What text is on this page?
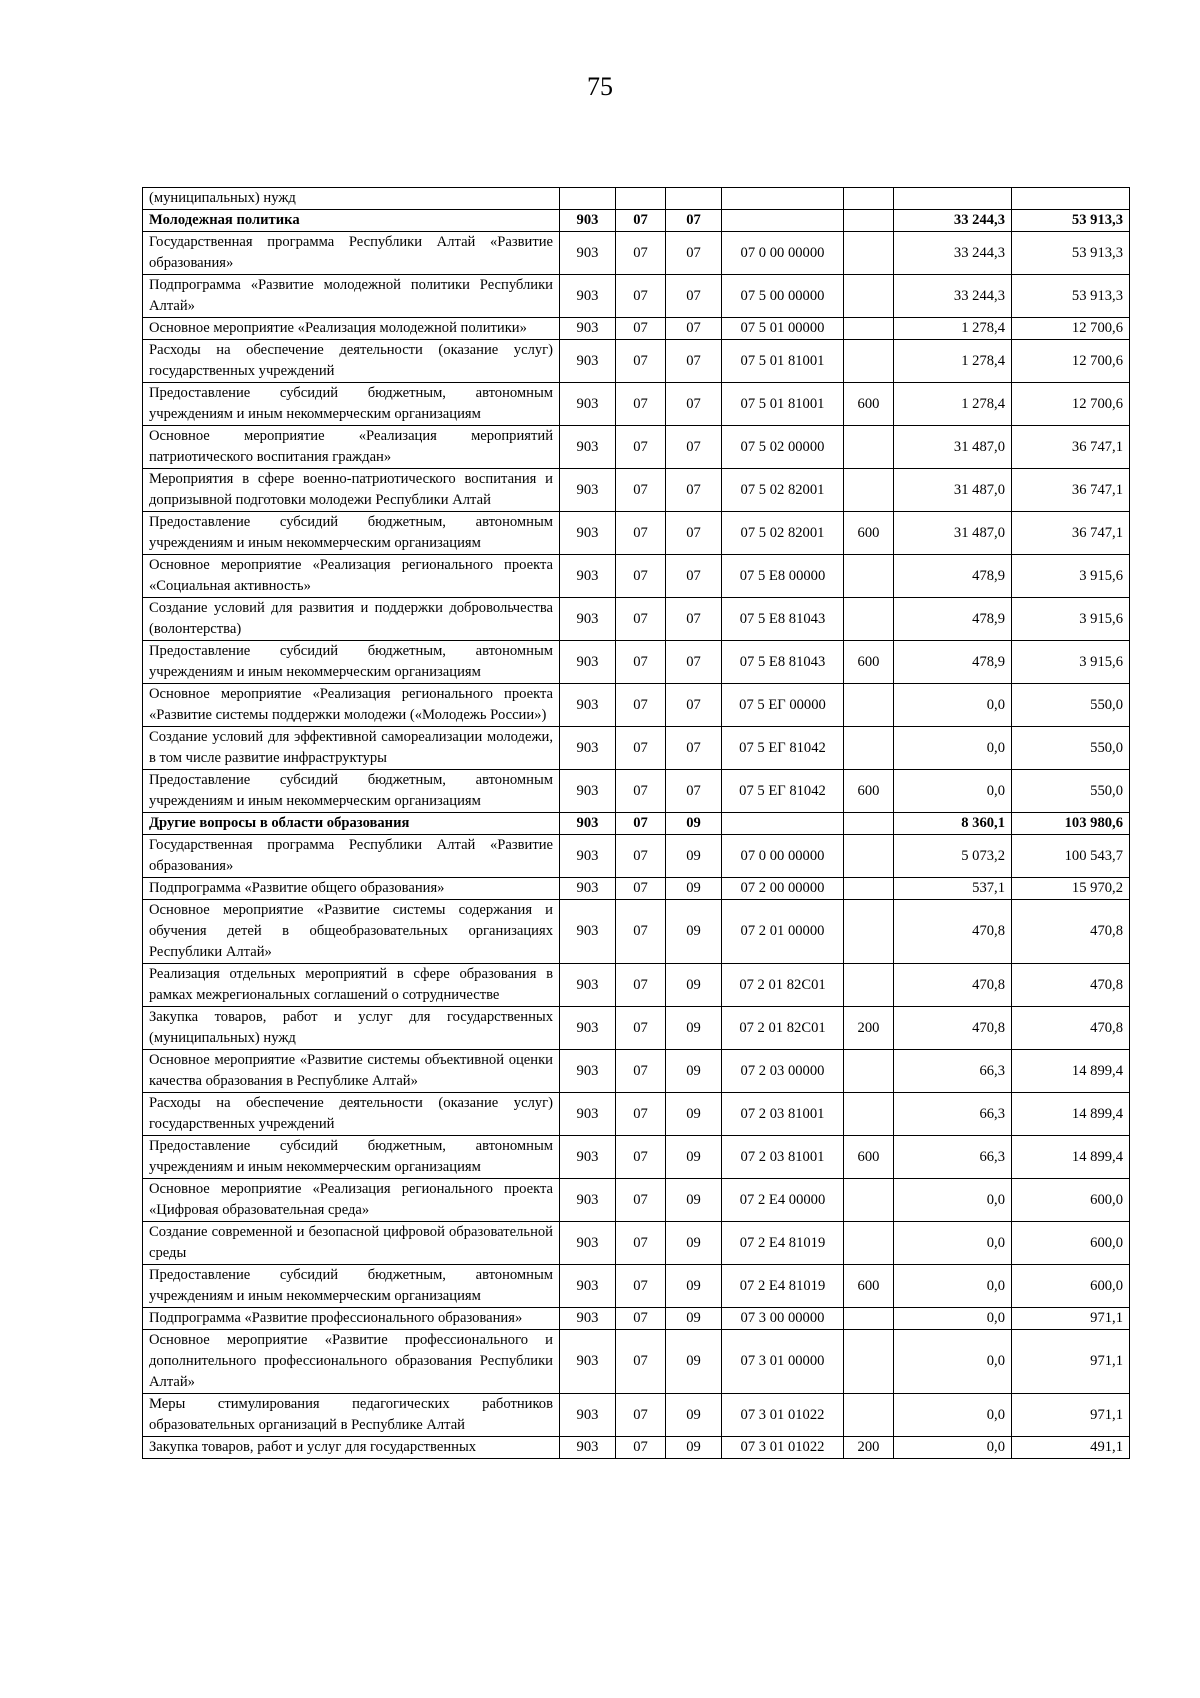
75
(муниципальных) нужд							
Молодежная политика	903	07	07			33 244,3	53 913,3
Государственная программа Республики Алтай «Развитие образования»	903	07	07	07 0 00 00000		33 244,3	53 913,3
Подпрограмма «Развитие молодежной политики Республики Алтай»	903	07	07	07 5 00 00000		33 244,3	53 913,3
Основное мероприятие «Реализация молодежной политики»	903	07	07	07 5 01 00000		1 278,4	12 700,6
Расходы на обеспечение деятельности (оказание услуг) государственных учреждений	903	07	07	07 5 01 81001		1 278,4	12 700,6
Предоставление субсидий бюджетным, автономным учреждениям и иным некоммерческим организациям	903	07	07	07 5 01 81001	600	1 278,4	12 700,6
Основное мероприятие «Реализация мероприятий патриотического воспитания граждан»	903	07	07	07 5 02 00000		31 487,0	36 747,1
Мероприятия в сфере военно-патриотического воспитания и допризывной подготовки молодежи Республики Алтай	903	07	07	07 5 02 82001		31 487,0	36 747,1
Предоставление субсидий бюджетным, автономным учреждениям и иным некоммерческим организациям	903	07	07	07 5 02 82001	600	31 487,0	36 747,1
Основное мероприятие «Реализация регионального проекта «Социальная активность»	903	07	07	07 5 E8 00000		478,9	3 915,6
Создание условий для развития и поддержки добровольчества (волонтерства)	903	07	07	07 5 E8 81043		478,9	3 915,6
Предоставление субсидий бюджетным, автономным учреждениям и иным некоммерческим организациям	903	07	07	07 5 E8 81043	600	478,9	3 915,6
Основное мероприятие «Реализация регионального проекта «Развитие системы поддержки молодежи («Молодежь России»)	903	07	07	07 5 ЕГ 00000		0,0	550,0
Создание условий для эффективной самореализации молодежи, в том числе развитие инфраструктуры	903	07	07	07 5 ЕГ 81042		0,0	550,0
Предоставление субсидий бюджетным, автономным учреждениям и иным некоммерческим организациям	903	07	07	07 5 ЕГ 81042	600	0,0	550,0
Другие вопросы в области образования	903	07	09			8 360,1	103 980,6
Государственная программа Республики Алтай «Развитие образования»	903	07	09	07 0 00 00000		5 073,2	100 543,7
Подпрограмма «Развитие общего образования»	903	07	09	07 2 00 00000		537,1	15 970,2
Основное мероприятие «Развитие системы содержания и обучения детей в общеобразовательных организациях Республики Алтай»	903	07	09	07 2 01 00000		470,8	470,8
Реализация отдельных мероприятий в сфере образования в рамках межрегиональных соглашений о сотрудничестве	903	07	09	07 2 01 82C01		470,8	470,8
Закупка товаров, работ и услуг для государственных (муниципальных) нужд	903	07	09	07 2 01 82C01	200	470,8	470,8
Основное мероприятие «Развитие системы объективной оценки качества образования в Республике Алтай»	903	07	09	07 2 03 00000		66,3	14 899,4
Расходы на обеспечение деятельности (оказание услуг) государственных учреждений	903	07	09	07 2 03 81001		66,3	14 899,4
Предоставление субсидий бюджетным, автономным учреждениям и иным некоммерческим организациям	903	07	09	07 2 03 81001	600	66,3	14 899,4
Основное мероприятие «Реализация регионального проекта «Цифровая образовательная среда»	903	07	09	07 2 E4 00000		0,0	600,0
Создание современной и безопасной цифровой образовательной среды	903	07	09	07 2 E4 81019		0,0	600,0
Предоставление субсидий бюджетным, автономным учреждениям и иным некоммерческим организациям	903	07	09	07 2 E4 81019	600	0,0	600,0
Подпрограмма «Развитие профессионального образования»	903	07	09	07 3 00 00000		0,0	971,1
Основное мероприятие «Развитие профессионального и дополнительного профессионального образования Республики Алтай»	903	07	09	07 3 01 00000		0,0	971,1
Меры стимулирования педагогических работников образовательных организаций в Республике Алтай	903	07	09	07 3 01 01022		0,0	971,1
Закупка товаров, работ и услуг для государственных	903	07	09	07 3 01 01022	200	0,0	491,1
